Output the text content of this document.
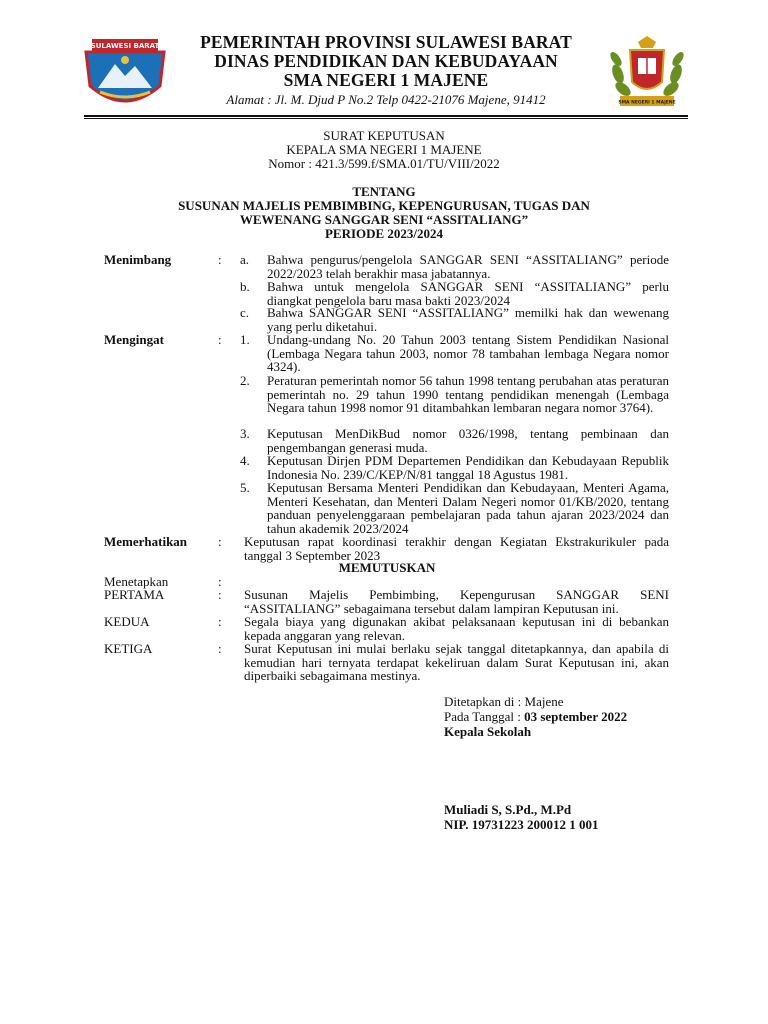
SULAWESI BARAT	PEMERINTAH PROVINSI SULAWESI BARAT
DINAS PENDIDIKAN DAN KEBUDAYAAN
SMA NEGERI 1 MAJENE
Alamat : Jl. M. Djud P No.2 Telp 0422-21076 Majene, 91412	SMA NEGERI 1 MAJENE
SURAT KEPUTUSAN
KEPALA SMA NEGERI 1 MAJENE
Nomor : 421.3/599.f/SMA.01/TU/VIII/2022
TENTANG
SUSUNAN MAJELIS PEMBIMBING, KEPENGURUSAN, TUGAS DAN
WEWENANG SANGGAR SENI “ASSITALIANG”
PERIODE 2023/2024
Menimbang	: a.	Bahwa pengurus/pengelola SANGGAR SENI “ASSITALIANG” periode 2022/2023 telah berakhir masa jabatannya.
b.	Bahwa untuk mengelola SANGGAR SENI “ASSITALIANG” perlu diangkat pengelola baru masa bakti 2023/2024
c.	Bahwa SANGGAR SENI “ASSITALIANG” memilki hak dan wewenang yang perlu diketahui.
Mengingat	: 1.	Undang-undang No. 20 Tahun 2003 tentang Sistem Pendidikan Nasional (Lembaga Negara tahun 2003, nomor 78 tambahan lembaga Negara nomor 4324).
2.	Peraturan pemerintah nomor 56 tahun 1998 tentang perubahan atas peraturan pemerintah no. 29 tahun 1990 tentang pendidikan menengah (Lembaga Negara tahun 1998 nomor 91 ditambahkan lembaran negara nomor 3764).
3.	Keputusan MenDikBud nomor 0326/1998, tentang pembinaan dan pengembangan generasi muda.
4.	Keputusan Dirjen PDM Departemen Pendidikan dan Kebudayaan Republik Indonesia No. 239/C/KEP/N/81 tanggal 18 Agustus 1981.
5.	Keputusan Bersama Menteri Pendidikan dan Kebudayaan, Menteri Agama, Menteri Kesehatan, dan Menteri Dalam Negeri nomor 01/KB/2020, tentang panduan penyelenggaraan pembelajaran pada tahun ajaran 2023/2024 dan tahun akademik 2023/2024
Memerhatikan	: Keputusan rapat koordinasi terakhir dengan Kegiatan Ekstrakurikuler pada tanggal 3 September 2023
MEMUTUSKAN
Menetapkan	:
PERTAMA	: Susunan Majelis Pembimbing, Kepengurusan SANGGAR SENI “ASSITALIANG” sebagaimana tersebut dalam lampiran Keputusan ini.
KEDUA	: Segala biaya yang digunakan akibat pelaksanaan keputusan ini di bebankan kepada anggaran yang relevan.
KETIGA	: Surat Keputusan ini mulai berlaku sejak tanggal ditetapkannya, dan apabila di kemudian hari ternyata terdapat kekeliruan dalam Surat Keputusan ini, akan diperbaiki sebagaimana mestinya.
Ditetapkan di : Majene
Pada Tanggal : 03 september 2022
Kepala Sekolah
Muliadi S, S.Pd., M.Pd
NIP. 19731223 200012 1 001
